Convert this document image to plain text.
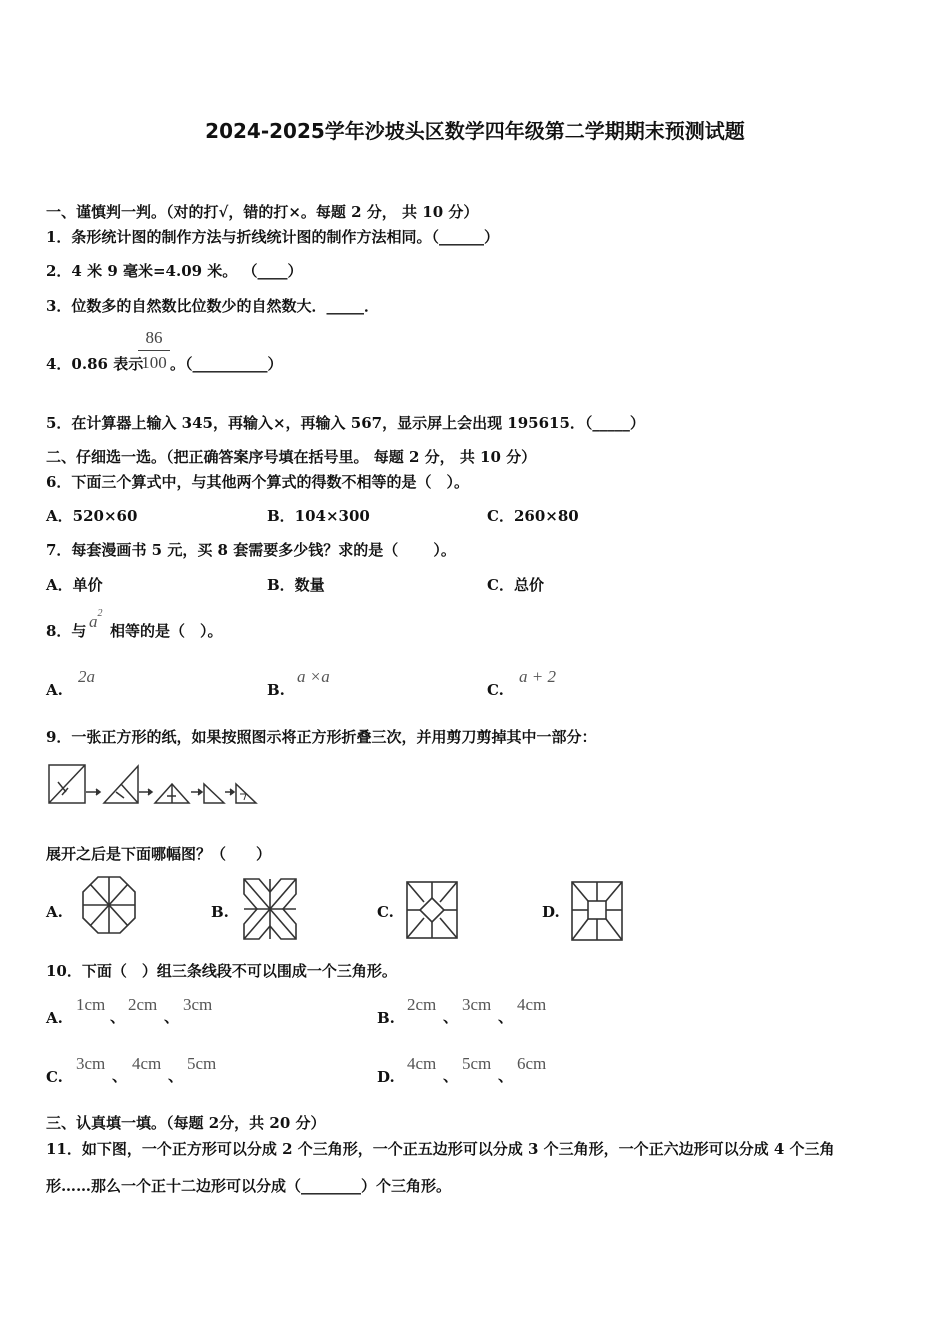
2024-2025学年沙坡头区数学四年级第二学期期末预测试题
一、谨慎判一判。（对的打√，错的打×。每题 2 分， 共 10 分）
1．条形统计图的制作方法与折线统计图的制作方法相同。（______）
2．4 米 9 毫米=4.09 米。 （____）
3．位数多的自然数比位数少的自然数大．_____．
4．0.86 表示
86
100 。（__________）
5．在计算器上输入 345，再输入×，再输入 567，显示屏上会出现 195615．（_____）
二、仔细选一选。（把正确答案序号填在括号里。 每题 2 分， 共 10 分）
6．下面三个算式中，与其他两个算式的得数不相等的是（　）。
A．520×60	B．104×300	C．260×80
7．每套漫画书 5 元，买 8 套需要多少钱？求的是（　　 ）。
A．单价	B．数量	C．总价
8．与 $a^2$
相等的是（　）。
A.
2a
B.
a ×a
C.
a + 2
9．一张正方形的纸，如果按照图示将正方形折叠三次，并用剪刀剪掉其中一部分：
展开之后是下面哪幅图？（　　）
A.	B.	C.	D.
10．下面（　）组三条线段不可以围成一个三角形。
A.
1cm
、
2cm
、
3cm
B.
2cm
、
3cm
、
4cm
C.
3cm
、
4cm
、
5cm
D.
4cm
、
5cm
、
6cm
三、认真填一填。（每题 2分，共 20 分）
11．如下图，一个正方形可以分成 2 个三角形，一个正五边形可以分成 3 个三角形，一个正六边形可以分成 4 个三角
形……那么一个正十二边形可以分成（________）个三角形。
